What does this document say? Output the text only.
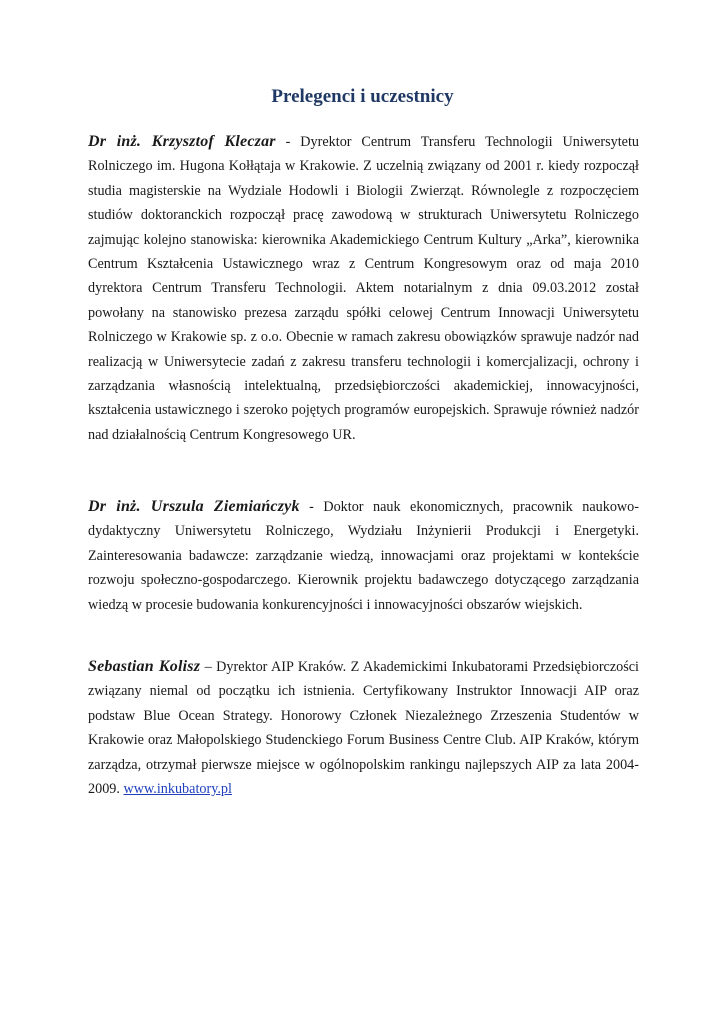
Prelegenci i uczestnicy

Dr inż. Krzysztof Kleczar - Dyrektor Centrum Transferu Technologii Uniwersytetu Rolniczego im. Hugona Kołłątaja w Krakowie. Z uczelnią związany od 2001 r. kiedy rozpoczął studia magisterskie na Wydziale Hodowli i Biologii Zwierząt. Równolegle z rozpoczęciem studiów doktoranckich rozpoczął pracę zawodową w strukturach Uniwersytetu Rolniczego zajmując kolejno stanowiska: kierownika Akademickiego Centrum Kultury „Arka”, kierownika Centrum Kształcenia Ustawicznego wraz z Centrum Kongresowym oraz od maja 2010 dyrektora Centrum Transferu Technologii. Aktem notarialnym z dnia 09.03.2012 został powołany na stanowisko prezesa zarządu spółki celowej Centrum Innowacji Uniwersytetu Rolniczego w Krakowie sp. z o.o. Obecnie w ramach zakresu obowiązków sprawuje nadzór nad realizacją w Uniwersytecie zadań z zakresu transferu technologii i komercjalizacji, ochrony i zarządzania własnością intelektualną, przedsiębiorczości akademickiej, innowacyjności, kształcenia ustawicznego i szeroko pojętych programów europejskich. Sprawuje również nadzór nad działalnością Centrum Kongresowego UR.

Dr inż. Urszula Ziemiańczyk - Doktor nauk ekonomicznych, pracownik naukowo-dydaktyczny Uniwersytetu Rolniczego, Wydziału Inżynierii Produkcji i Energetyki. Zainteresowania badawcze: zarządzanie wiedzą, innowacjami oraz projektami w kontekście rozwoju społeczno-gospodarczego. Kierownik projektu badawczego dotyczącego zarządzania wiedzą w procesie budowania konkurencyjności i innowacyjności obszarów wiejskich.

Sebastian Kolisz – Dyrektor AIP Kraków. Z Akademickimi Inkubatorami Przedsiębiorczości związany niemal od początku ich istnienia. Certyfikowany Instruktor Innowacji AIP oraz podstaw Blue Ocean Strategy. Honorowy Członek Niezależnego Zrzeszenia Studentów w Krakowie oraz Małopolskiego Studenckiego Forum Business Centre Club. AIP Kraków, którym zarządza, otrzymał pierwsze miejsce w ogólnopolskim rankingu najlepszych AIP za lata 2004-2009. www.inkubatory.pl
